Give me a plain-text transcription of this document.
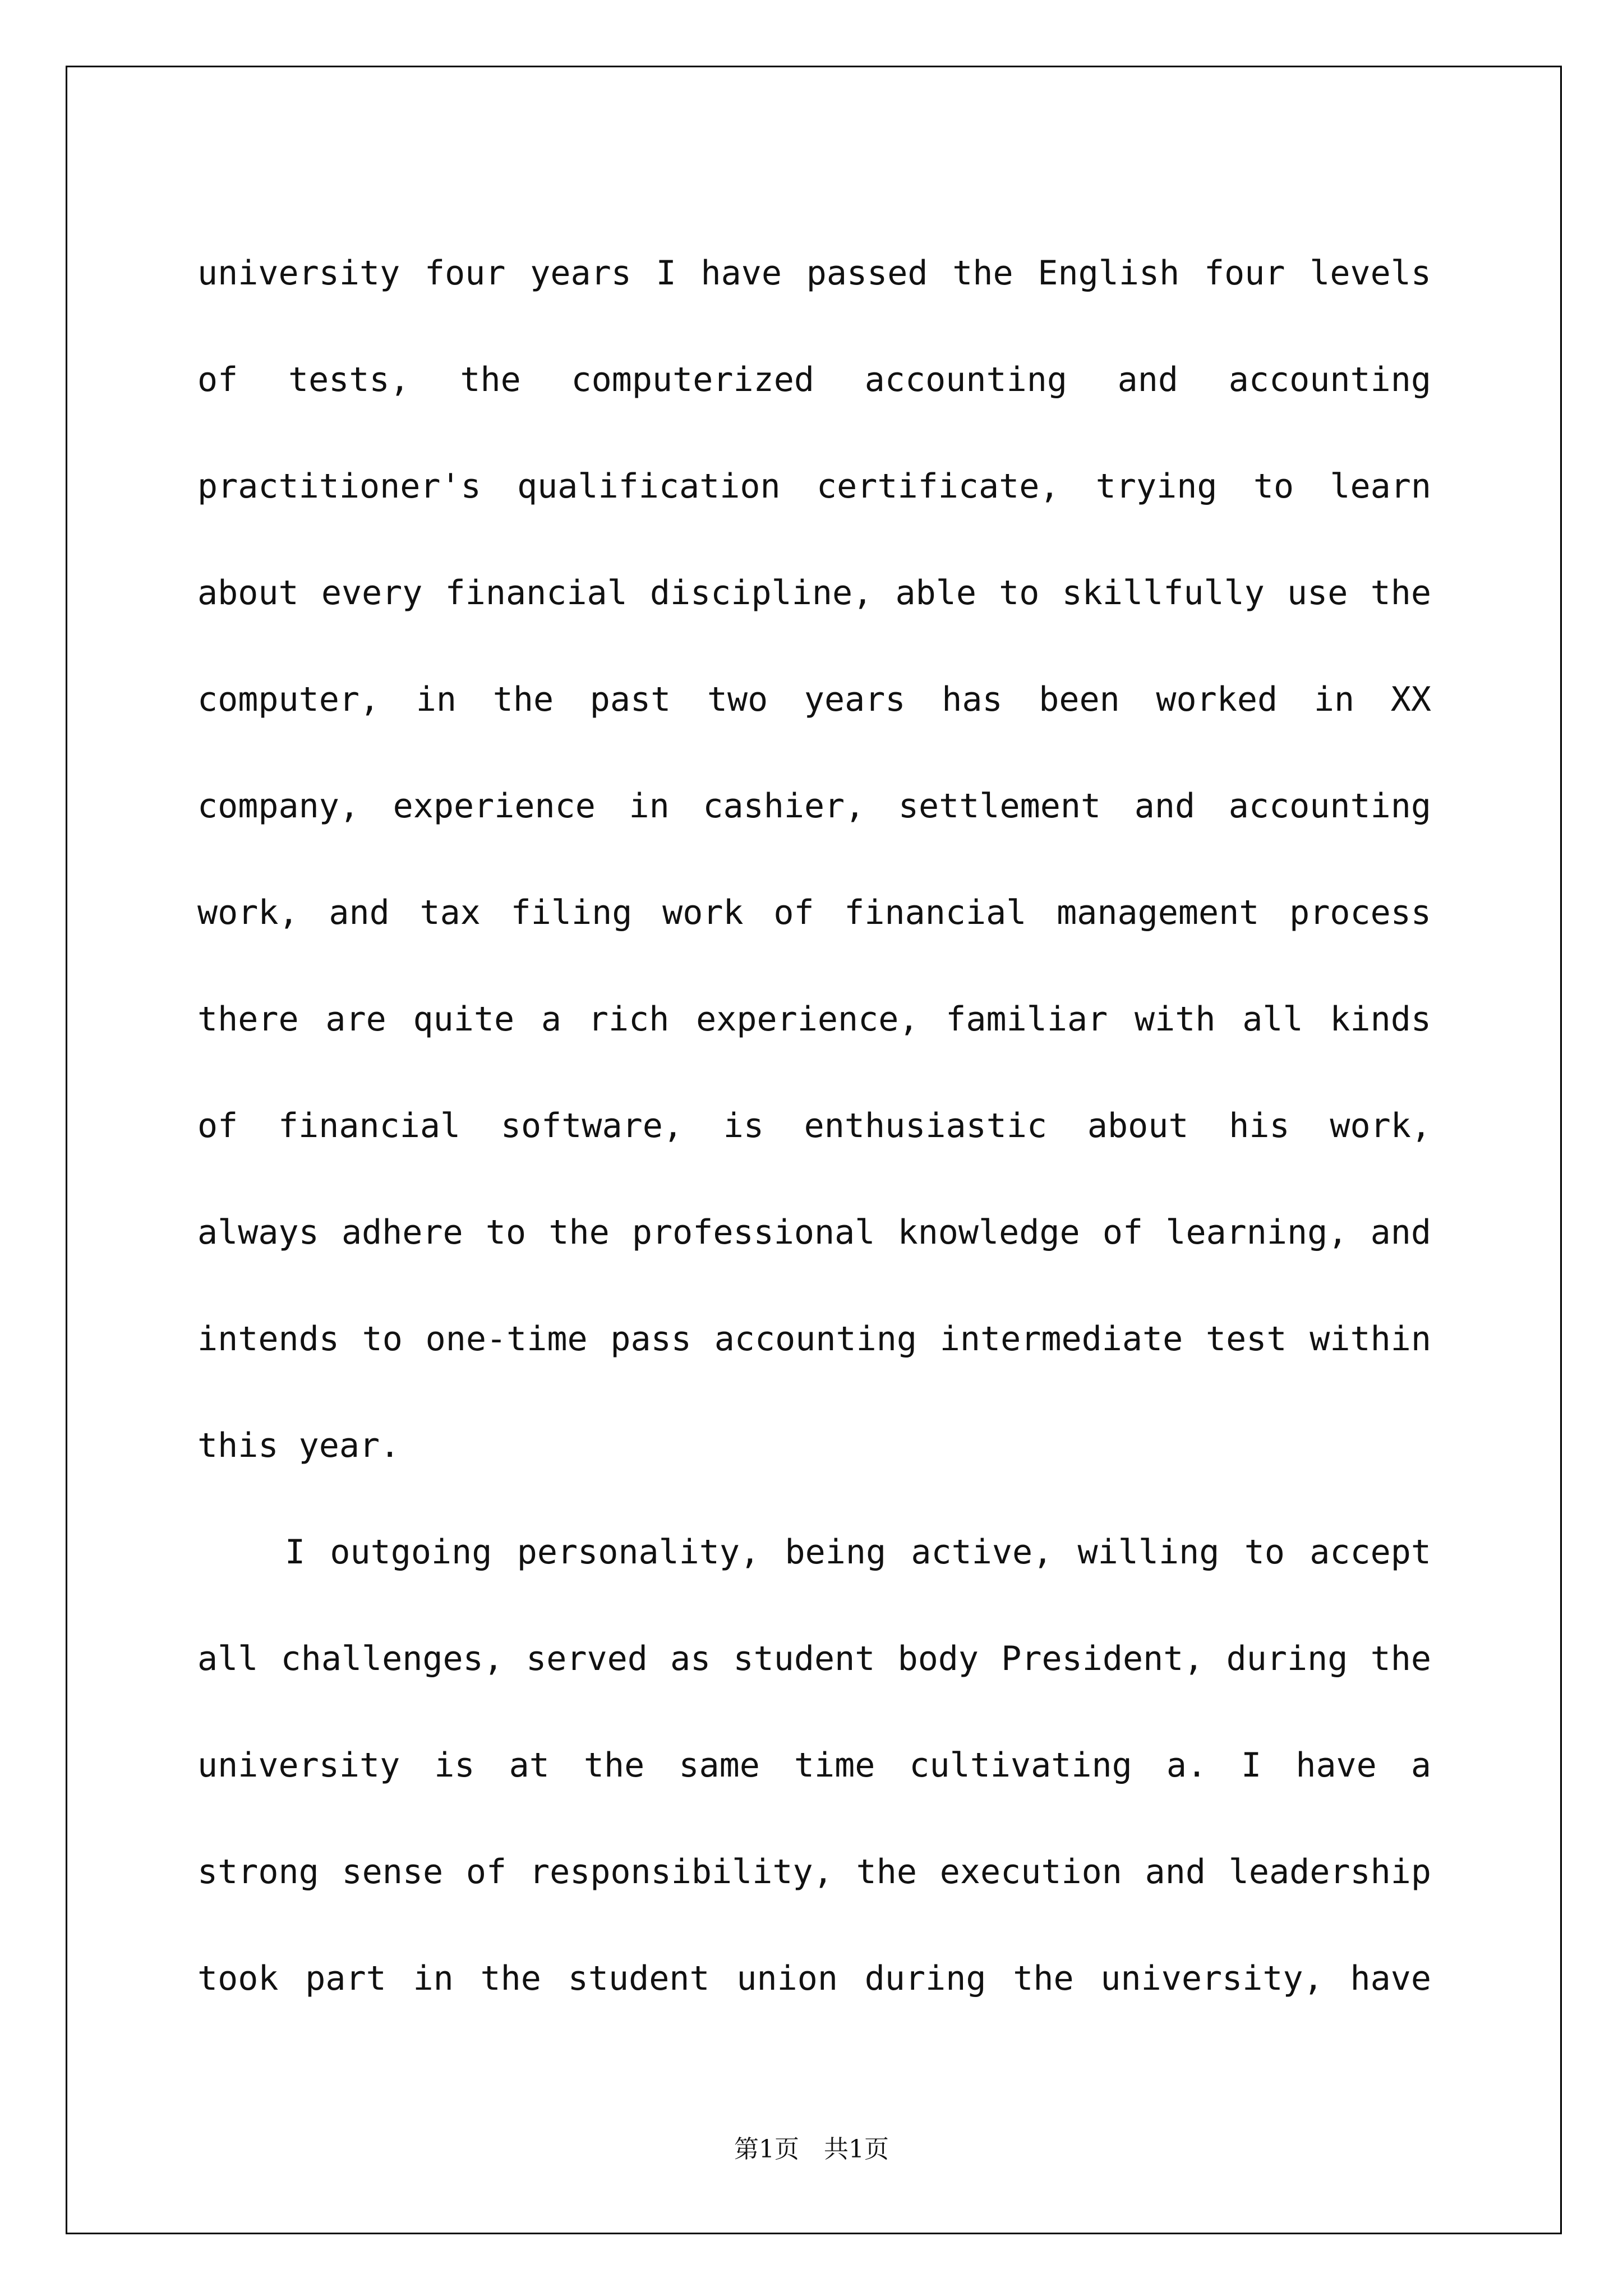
university four years I have passed the English four levels
of tests, the computerized accounting and accounting
practitioner's qualification certificate, trying to learn
about every financial discipline, able to skillfully use the
computer, in the past two years has been worked in XX
company, experience in cashier, settlement and accounting
work, and tax filing work of financial management process
there are quite a rich experience, familiar with all kinds
of financial software, is enthusiastic about his work,
always adhere to the professional knowledge of learning, and
intends to one-time pass accounting intermediate test within
this year.
I outgoing personality, being active, willing to accept
all challenges, served as student body President, during the
university is at the same time cultivating a. I have a
strong sense of responsibility, the execution and leadership
took part in the student union during the university, have
第1页　共1页
